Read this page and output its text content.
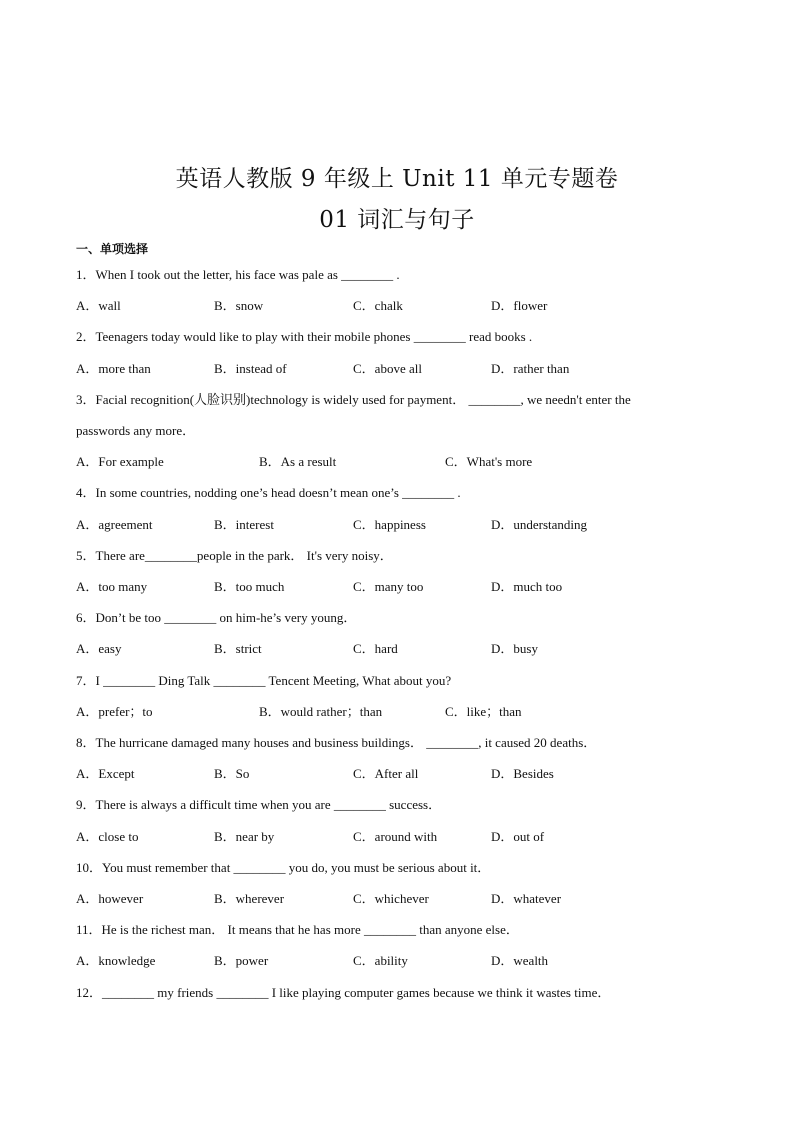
英语人教版 9 年级上 Unit 11 单元专题卷
01 词汇与句子
一、单项选择
1．When I took out the letter, his face was pale as ________ .
A．wall	B．snow	C．chalk	D．flower
2．Teenagers today would like to play with their mobile phones ________ read books .
A．more than	B．instead of	C．above all	D．rather than
3．Facial recognition(人脸识别)technology is widely used for payment． ________, we needn't enter the
passwords any more．
A．For example	B．As a result	C．What's more
4．In some countries, nodding one’s head doesn’t mean one’s ________ .
A．agreement	B．interest	C．happiness	D．understanding
5．There are________people in the park． It's very noisy．
A．too many	B．too much	C．many too	D．much too
6．Don’t be too ________ on him-he’s very young．
A．easy	B．strict	C．hard	D．busy
7．I ________ Ding Talk ________ Tencent Meeting, What about you?
A．prefer；to	B．would rather；than	C．like；than
8．The hurricane damaged many houses and business buildings． ________, it caused 20 deaths．
A．Except	B．So	C．After all	D．Besides
9．There is always a difficult time when you are ________ success．
A．close to	B．near by	C．around with	D．out of
10．You must remember that ________ you do, you must be serious about it．
A．however	B．wherever	C．whichever	D．whatever
11．He is the richest man． It means that he has more ________ than anyone else．
A．knowledge	B．power	C．ability	D．wealth
12．________ my friends ________ I like playing computer games because we think it wastes time．
